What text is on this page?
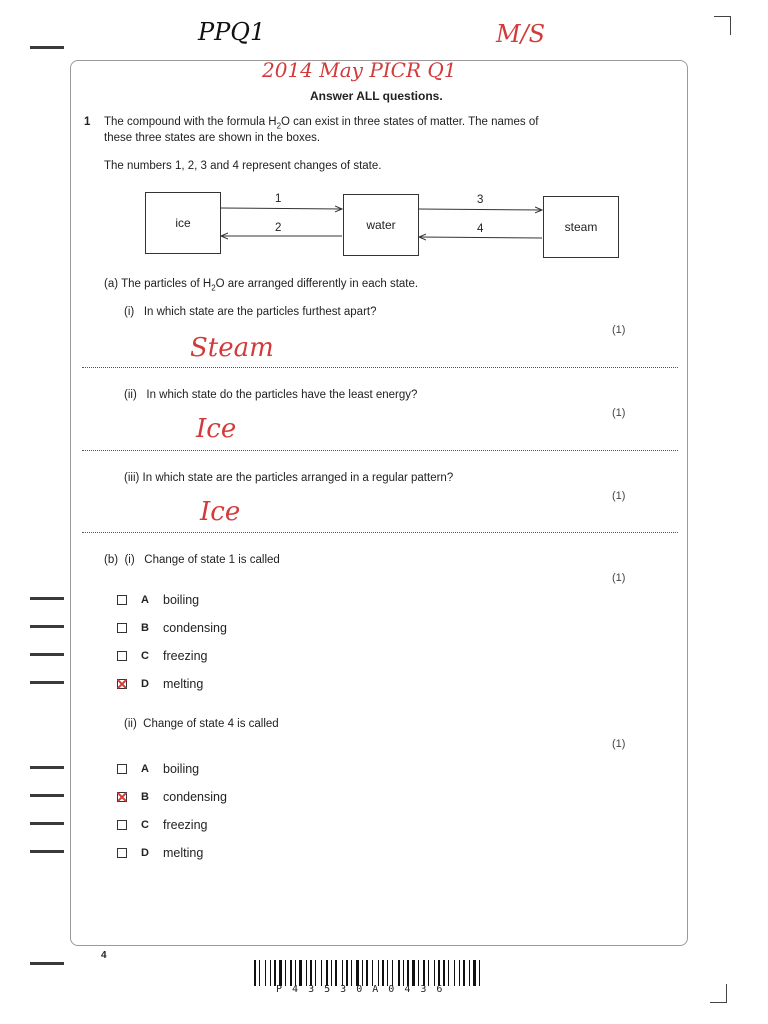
PPQ1	M/S
2014 May PICR Q1
Answer ALL questions.
1 The compound with the formula $H_2O$ can exist in three states of matter. The names of
these three states are shown in the boxes.
The numbers 1, 2, 3 and 4 represent changes of state.
ice	water	steam
1
2
3
4
(a) The particles of $H_2O$ are arranged differently in each state.
(i) In which state are the particles furthest apart?
(1)
Steam
(ii) In which state do the particles have the least energy?
(1)
Ice
(iii) In which state are the particles arranged in a regular pattern?
(1)
Ice
(b) (i) Change of state 1 is called
(1)
A	boiling
B	condensing
C	freezing
D	melting
(ii) Change of state 4 is called
(1)
A	boiling
B	condensing
C	freezing
D	melting
4
P 4 3 5 3 0 A 0 4 3 6
